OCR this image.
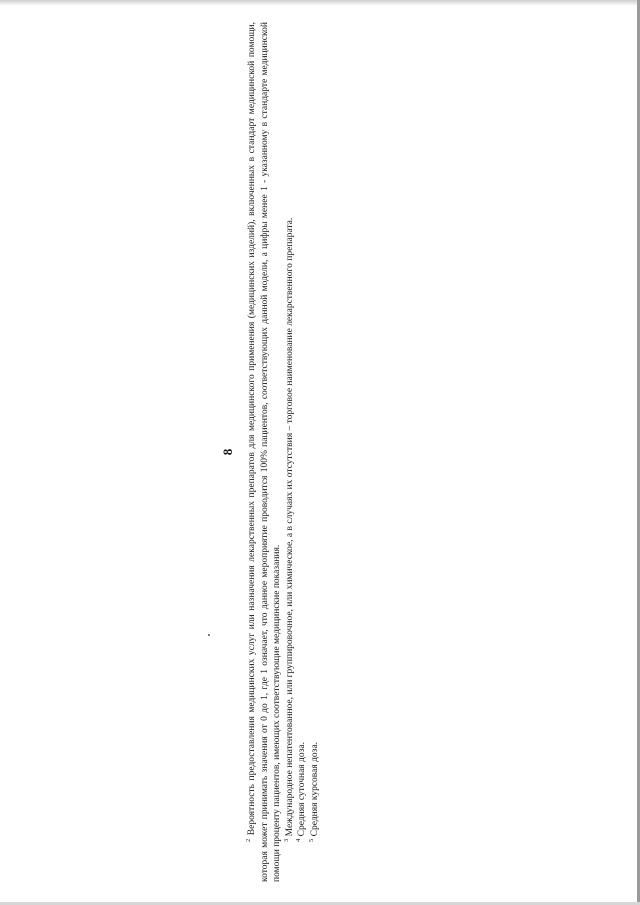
8

$^2$ Вероятность предоставления медицинских услуг или назначения лекарственных препаратов для медицинского применения (медицинских изделий), включенных в стандарт медицинской помощи, которая может принимать значения от 0 до 1, где 1 означает, что данное мероприятие проводится 100% пациентов, соответствующих данной модели, а цифры менее 1 - указанному в стандарте медицинской помощи проценту пациентов, имеющих соответствующие медицинские показания. $^3$ Международное непатентованное, или группировочное, или химическое, а в случаях их отсутствия – торговое наименование лекарственного препарата.

$^4$ Средняя суточная доза.

$^5$ Средняя курсовая доза.
